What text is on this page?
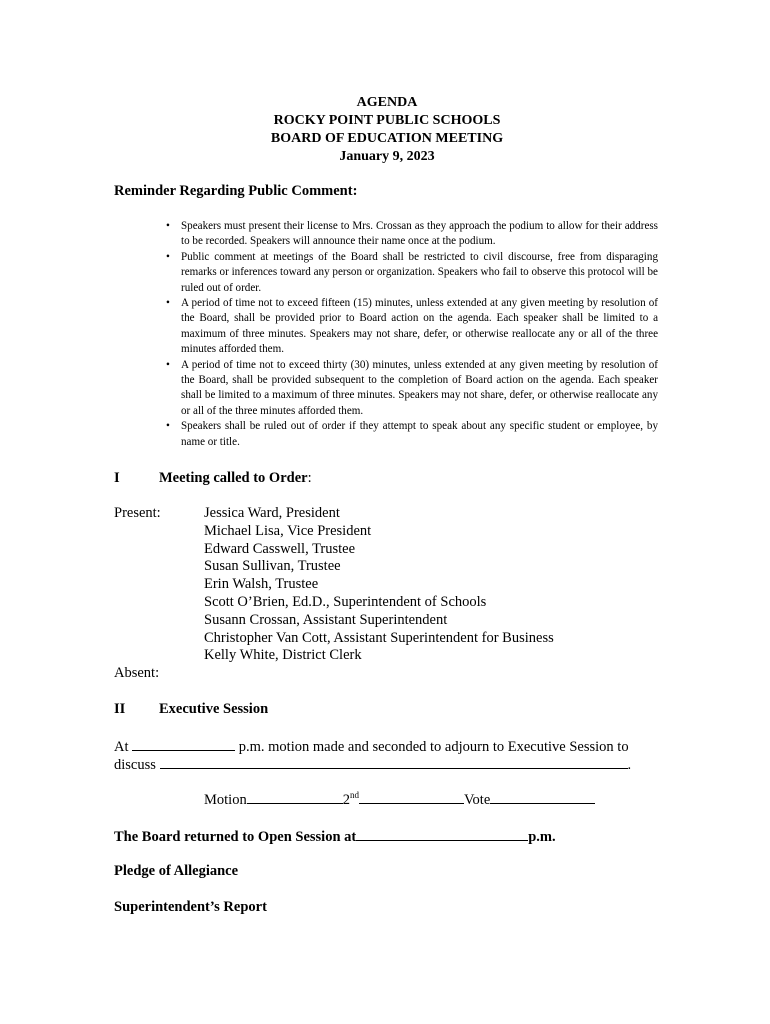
AGENDA
ROCKY POINT PUBLIC SCHOOLS
BOARD OF EDUCATION MEETING
January 9, 2023
Reminder Regarding Public Comment:
• Speakers must present their license to Mrs. Crossan as they approach the podium to allow for their address to be recorded. Speakers will announce their name once at the podium.
• Public comment at meetings of the Board shall be restricted to civil discourse, free from disparaging remarks or inferences toward any person or organization. Speakers who fail to observe this protocol will be ruled out of order.
• A period of time not to exceed fifteen (15) minutes, unless extended at any given meeting by resolution of the Board, shall be provided prior to Board action on the agenda. Each speaker shall be limited to a maximum of three minutes. Speakers may not share, defer, or otherwise reallocate any or all of the three minutes afforded them.
• A period of time not to exceed thirty (30) minutes, unless extended at any given meeting by resolution of the Board, shall be provided subsequent to the completion of Board action on the agenda. Each speaker shall be limited to a maximum of three minutes. Speakers may not share, defer, or otherwise reallocate any or all of the three minutes afforded them.
• Speakers shall be ruled out of order if they attempt to speak about any specific student or employee, by name or title.
I	Meeting called to Order:
Present:	Jessica Ward, President
Michael Lisa, Vice President
Edward Casswell, Trustee
Susan Sullivan, Trustee
Erin Walsh, Trustee
Scott O’Brien, Ed.D., Superintendent of Schools
Susann Crossan, Assistant Superintendent
Christopher Van Cott, Assistant Superintendent for Business
Kelly White, District Clerk
Absent:
II Executive Session
At	p.m. motion made and seconded to adjourn to Executive Session to
discuss	.
Motion	2nd	Vote
The Board returned to Open Session at	p.m.
Pledge of Allegiance
Superintendent’s Report
